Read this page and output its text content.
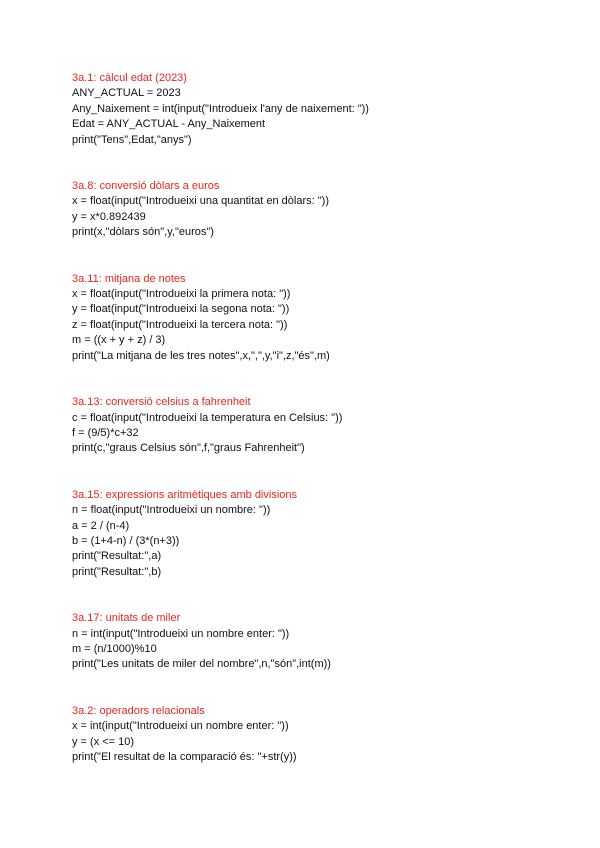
3a.1: càlcul edat (2023)

ANY_ACTUAL = 2023

Any_Naixement = int(input("Introdueix l'any de naixement: "))

Edat = ANY_ACTUAL - Any_Naixement

print("Tens",Edat,"anys")

3a.8: conversió dòlars a euros

x = float(input("Introdueixi una quantitat en dòlars: "))

y = x*0.892439

print(x,"dòlars són",y,"euros")

3a.11: mitjana de notes

x = float(input("Introdueixi la primera nota: "))

y = float(input("Introdueixi la segona nota: "))

z = float(input("Introdueixi la tercera nota: "))

m = ((x + y + z) / 3)

print("La mitjana de les tres notes",x,",",y,"i",z,"és",m)

3a.13: conversió celsius a fahrenheit

c = float(input("Introdueixi la temperatura en Celsius: "))

f = (9/5)*c+32

print(c,"graus Celsius són",f,"graus Fahrenheit")

3a.15: expressions aritmètiques amb divisions

n = float(input("Introdueixi un nombre: "))

a = 2 / (n-4)

b = (1+4-n) / (3*(n+3))

print("Resultat:",a)

print("Resultat:",b)

3a.17: unitats de miler

n = int(input("Introdueixi un nombre enter: "))

m = (n/1000)%10

print("Les unitats de miler del nombre",n,"són",int(m))

3a.2: operadors relacionals

x = int(input("Introdueixi un nombre enter: "))

y = (x <= 10)

print("El resultat de la comparació és: "+str(y))
